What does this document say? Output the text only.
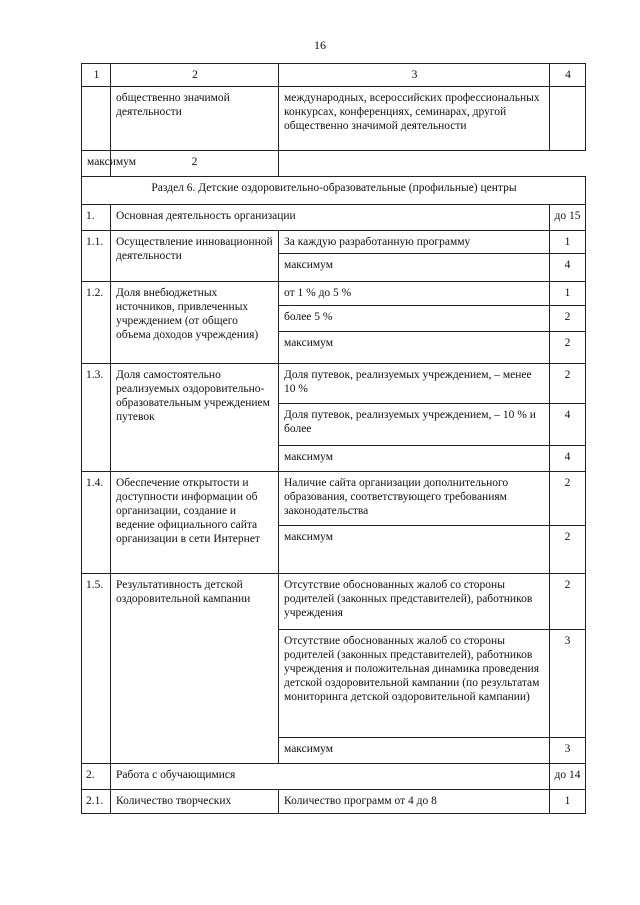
16
1	2	3	4
	общественно значимой деятельности	международных, всероссийских профессиональных конкурсах, конференциях, семинарах, другой общественно значимой деятельности	
максимум	2		
Раздел 6. Детские оздоровительно-образовательные (профильные) центры			
1.	Основная деятельность организации		до 15
1.1.	Осуществление инновационной деятельности	За каждую разработанную программу	1
		максимум	4
1.2.	Доля внебюджетных источников, привлеченных учреждением (от общего объема доходов учреждения)	от 1 % до 5 %	1
		более 5 %	2
		максимум	2
1.3.	Доля самостоятельно реализуемых оздоровительно-образовательным учреждением путевок	Доля путевок, реализуемых учреждением, – менее 10 %	2
		Доля путевок, реализуемых учреждением, – 10 % и более	4
		максимум	4
1.4.	Обеспечение открытости и доступности информации об организации, создание и ведение официального сайта организации в сети Интернет	Наличие сайта организации дополнительного образования, соответствующего требованиям законодательства	2
		максимум	2
1.5.	Результативность детской оздоровительной кампании	Отсутствие обоснованных жалоб со стороны родителей (законных представителей), работников учреждения	2
		Отсутствие обоснованных жалоб со стороны родителей (законных представителей), работников учреждения и положительная динамика проведения детской оздоровительной кампании (по результатам мониторинга детской оздоровительной кампании)	3
		максимум	3
2.	Работа с обучающимися		до 14
2.1.	Количество творческих	Количество программ от 4 до 8	1
